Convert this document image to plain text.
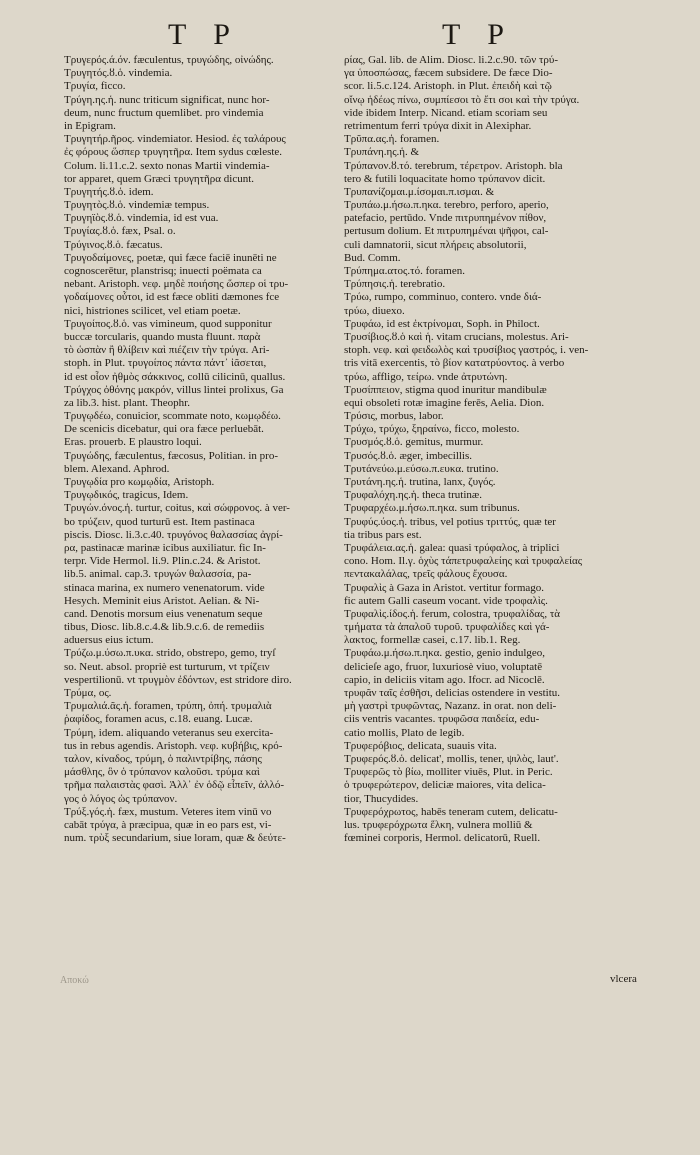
T P	T P
Τρυγερός.ά.όν. fæculentus, τρυγώδης, οἰνώδης.
Τρυγητός.ȣ.ὁ. vindemia.
Τρυγία, ficco.
Τρύγη.ης.ἡ. nunc triticum significat, nunc hor-
deum, nunc fructum quemlibet. pro vindemia
in Epigram.
Τρυγητήρ.ῆρος. vindemiator. Hesiod. ἐς ταλάρους
ἐς φόρους ὥσπερ τρυγητῆρα. Item sydus cœleste.
Colum. li.11.c.2. sexto nonas Martii vindemia-
tor apparet, quem Græci τρυγητῆρα dicunt.
Τρυγητής.ȣ.ὁ. idem.
Τρυγητὸς.ȣ.ὁ. vindemiæ tempus.
Τρυγηϊὸς.ȣ.ὁ. vindemia, id est vua.
Τρυγίας.ȣ.ὁ. fæx, Psal. ο.
Τρύγινος.ȣ.ὁ. fæcatus.
Τρυγοδαίμονες, poetæ, qui fæce faciē inunēti ne
cognoscerētur, planstrisq; inuecti poëmata ca
nebant. Aristoph. νεφ. μηδὲ ποιήσης ὥσπερ οἱ τρυ-
γοδαίμονες οὗτοι, id est fæce obliti dæmones fce
nici, histriones scilicet, vel etiam poetæ.
Τρυγοίπος.ȣ.ὁ. vas vimineum, quod supponitur
buccæ torcularis, quando musta fluunt. παρὰ
τὸ ὡσπὰν ἢ θλίβειν καὶ πιέζειν τὴν τρύγα. Ari-
stoph. in Plut. τρυγοίπος πάντα πάντ᾽ ἰᾶσεται,
id est οἷον ἠθμὸς σάκκινος, collū cilicinū, quallus.
Τρύγχος ὀθόνης μακρόν, villus lintei prolixus, Ga
za lib.3. hist. plant. Theophr.
Τρυγῳδέω, conuicior, scommate noto, κωμῳδέω.
De scenicis dicebatur, qui ora fæce perluebāt.
Eras. prouerb. E plaustro loqui.
Τρυγώδης, fæculentus, fæcosus, Politian. in pro-
blem. Alexand. Aphrod.
Τρυγῳδία pro κωμῳδία, Aristoph.
Τρυγῳδικός, tragicus, Idem.
Τρυγών.όνος.ἡ. turtur, coitus, καὶ σώφρονος. à ver-
bo τρύζειν, quod turturū est. Item pastinaca
piscis. Diosc. li.3.c.40. τρυγόνος θαλασσίας ἀγρί-
ρα, pastinacæ marinæ icibus auxiliatur. fic In-
terpr. Vide Hermol. li.9. Plin.c.24. & Aristot.
lib.5. animal. cap.3. τρυγών θαλασσία, pa-
stinaca marina, ex numero venenatorum. vide
Hesych. Meminit eius Aristot. Aelian. & Ni-
cand. Denotis morsum eius venenatum seque
tibus, Diosc. lib.8.c.4.& lib.9.c.6. de remediis
aduersus eius ictum.
Τρύζω.μ.ύσω.π.υκα. strido, obstrepo, gemo, tryſ
so. Neut. absol. propriè est turturum, vt τρίζειν
vespertilionū. vt τρυγμὸν ἐδόντων, est stridore diro.
Τρύμα, ος.
Τρυμαλιά.ᾶς.ἡ. foramen, τρύπη, ὀπή. τρυμαλιὰ
ῥαφίδος, foramen acus, c.18. euang. Lucæ.
Τρύμη, idem. aliquando veteranus seu exercita-
tus in rebus agendis. Aristoph. νεφ. κυβήβις, κρό-
ταλον, κίναδος, τρύμη, ὁ παλιντρίβης, πάσης
μάσθλης, ὃν ὁ τρύπανον καλοῦσι. τρύμα καὶ
τρῆμα παλαιστὰς φασὶ. Ἀλλ᾽ ἐν ὁδῷ εἶπεῖν, ἀλλό-
γος ὁ λόγος ὡς τρύπανον.
Τρύξ.γός.ἡ. fæx, mustum. Veteres item vinū vo
cabāt τρύγα, à præcipua, quæ in eo pars est, vi-
num. τρὺξ secundarium, siue loram, quæ & δεύτε-
ρίας, Gal. lib. de Alim. Diosc. li.2.c.90. τῶν τρύ-
γα ὑποσπώσας, fæcem subsidere. De fæce Dio-
scor. li.5.c.124. Aristoph. in Plut. ἐπειδὴ καὶ τῷ
οἴνῳ ἡδέως πίνω, συμπίεσοι τὸ ἔτι σοι καὶ τὴν τρύγα.
vide ibidem Interp. Nicand. etiam scoriam seu
retrimentum ferri τρύγα dixit in Alexiphar.
Τρῦπα.ας.ἡ. foramen.
Τρυπάνη.ης.ἡ. &
Τρύπανον.ȣ.τό. terebrum, τέρετρον. Aristoph. bla
tero & futili loquacitate homo τρύπανον dicit.
Τρυπανίζομαι.μ.ίσομαι.π.ισμαι. &
Τρυπάω.μ.ήσω.π.ηκα. terebro, perforo, aperio,
patefacio, pertūdo. Vnde πιτρυπημένον πίθον,
pertusum dolium. Et πιτρυπημέναι ψῆφοι, cal-
culi damnatorii, sicut πλήρεις absolutorii,
Bud. Comm.
Τρύπημα.ατος.τό. foramen.
Τρύπησις.ἡ. terebratio.
Τρύω, rumpo, comminuo, contero. vnde διά-
τρύω, diuexo.
Τρυφάω, id est ἐκτρίνομαι, Soph. in Philoct.
Τρυσίβιος.ȣ.ὁ καὶ ἡ. vitam crucians, molestus. Ari-
stoph. νεφ. καὶ φειδωλὸς καὶ τρυσίβιος γαστρός, i. ven-
tris vitā exercentis, τὸ βίον κατατρύοντος. à verbo
τρύω, affligo, τείρω. vnde ἀτρυτώνη.
Τρυσίππειον, stigma quod inuritur mandibulæ
equi obsoleti rotæ imagine ferēs, Aelia. Dion.
Τρύσις, morbus, labor.
Τρύχω, τρύχω, ξηραίνω, ficco, molesto.
Τρυσμός.ȣ.ὁ. gemitus, murmur.
Τρυσός.ȣ.ὁ. æger, imbecillis.
Τρυτάνεύω.μ.εύσω.π.ευκα. trutino.
Τρυτάνη.ης.ἡ. trutina, lanx, ζυγός.
Τρυφαλόχη.ης.ἡ. theca trutinæ.
Τρυφαρχέω.μ.ήσω.π.ηκα. sum tribunus.
Τρυφύς.ύος.ἡ. tribus, vel potius τριττύς, quæ ter
tia tribus pars est.
Τρυφάλεια.ας.ἡ. galea: quasi τρύφαλος, à triplici
cono. Hom. Il.γ. ὁχὺς τάπετρυφαλείης καὶ τρυφαλείας
πεντακαλάλας, τρεῖς φάλους ἔχουσα.
Τρυφαλὶς à Gaza in Aristot. vertitur formago.
fic autem Galli caseum vocant. vide τροφαλὶς.
Τρυφαλὶς.ίδος.ἡ. ferum, colostra, τρυφαλίδας, τὰ
τμήματα τὰ ἀπαλοῦ τυροῦ. τρυφαλίδες καὶ γά-
λακτος, formellæ casei, c.17. lib.1. Reg.
Τρυφάω.μ.ήσω.π.ηκα. gestio, genio indulgeo,
delicieſe ago, fruor, luxuriosè viuo, voluptatē
capio, in deliciis vitam ago. Ifocr. ad Nicoclē.
τρυφᾶν ταῖς ἐσθῆσι, delicias ostendere in vestitu.
μὴ γαστρὶ τρυφῶντας, Nazanz. in orat. non deli-
ciis ventris vacantes. τρυφῶσα παιδεία, edu-
catio mollis, Plato de legib.
Τρυφερόβιος, delicata, suauis vita.
Τρυφερός.ȣ.ὁ. delicat', mollis, tener, ψιλὸς, laut'.
Τρυφερῶς τὸ βίω, molliter viuēs, Plut. in Peric.
ὁ τρυφερώτερον, deliciæ maiores, vita delica-
tior, Thucydides.
Τρυφερόχρωτος, habēs teneram cutem, delicatu-
lus. τρυφερόχρωτα ἕλκη, vulnera molliū &
fœminei corporis, Hermol. delicatorū, Ruell.
Αποκώ	vlcera
